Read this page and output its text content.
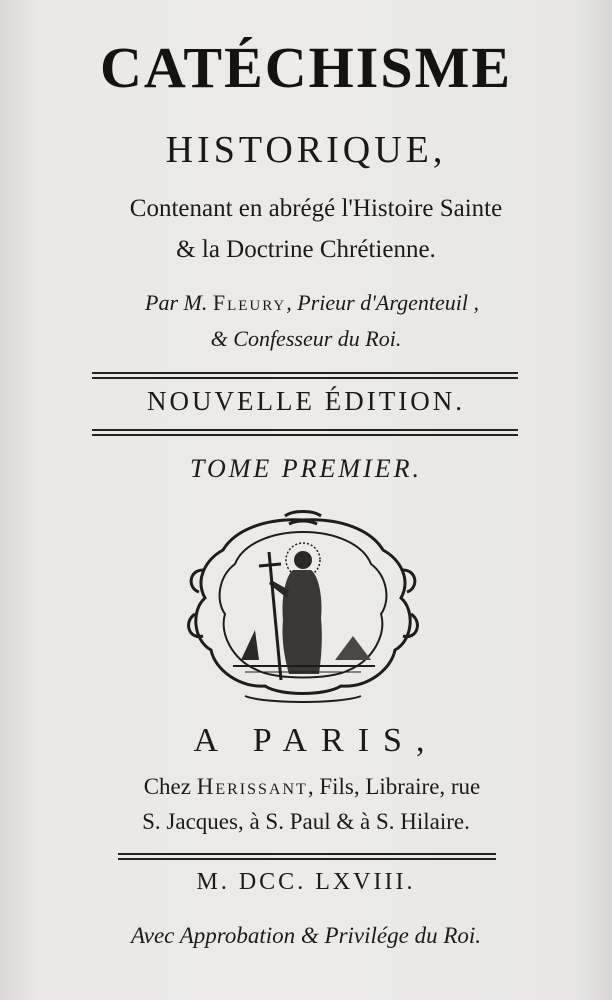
CATÉCHISME
HISTORIQUE,
Contenant en abrégé l'Histoire Sainte
& la Doctrine Chrétienne.
Par M. Fleury, Prieur d'Argenteuil ,
& Confesseur du Roi.
NOUVELLE ÉDITION.
TOME PREMIER.
A PARIS,
Chez Herissant, Fils, Libraire, rue
S. Jacques, à S. Paul & à S. Hilaire.
M. DCC. LXVIII.
Avec Approbation & Privilége du Roi.
